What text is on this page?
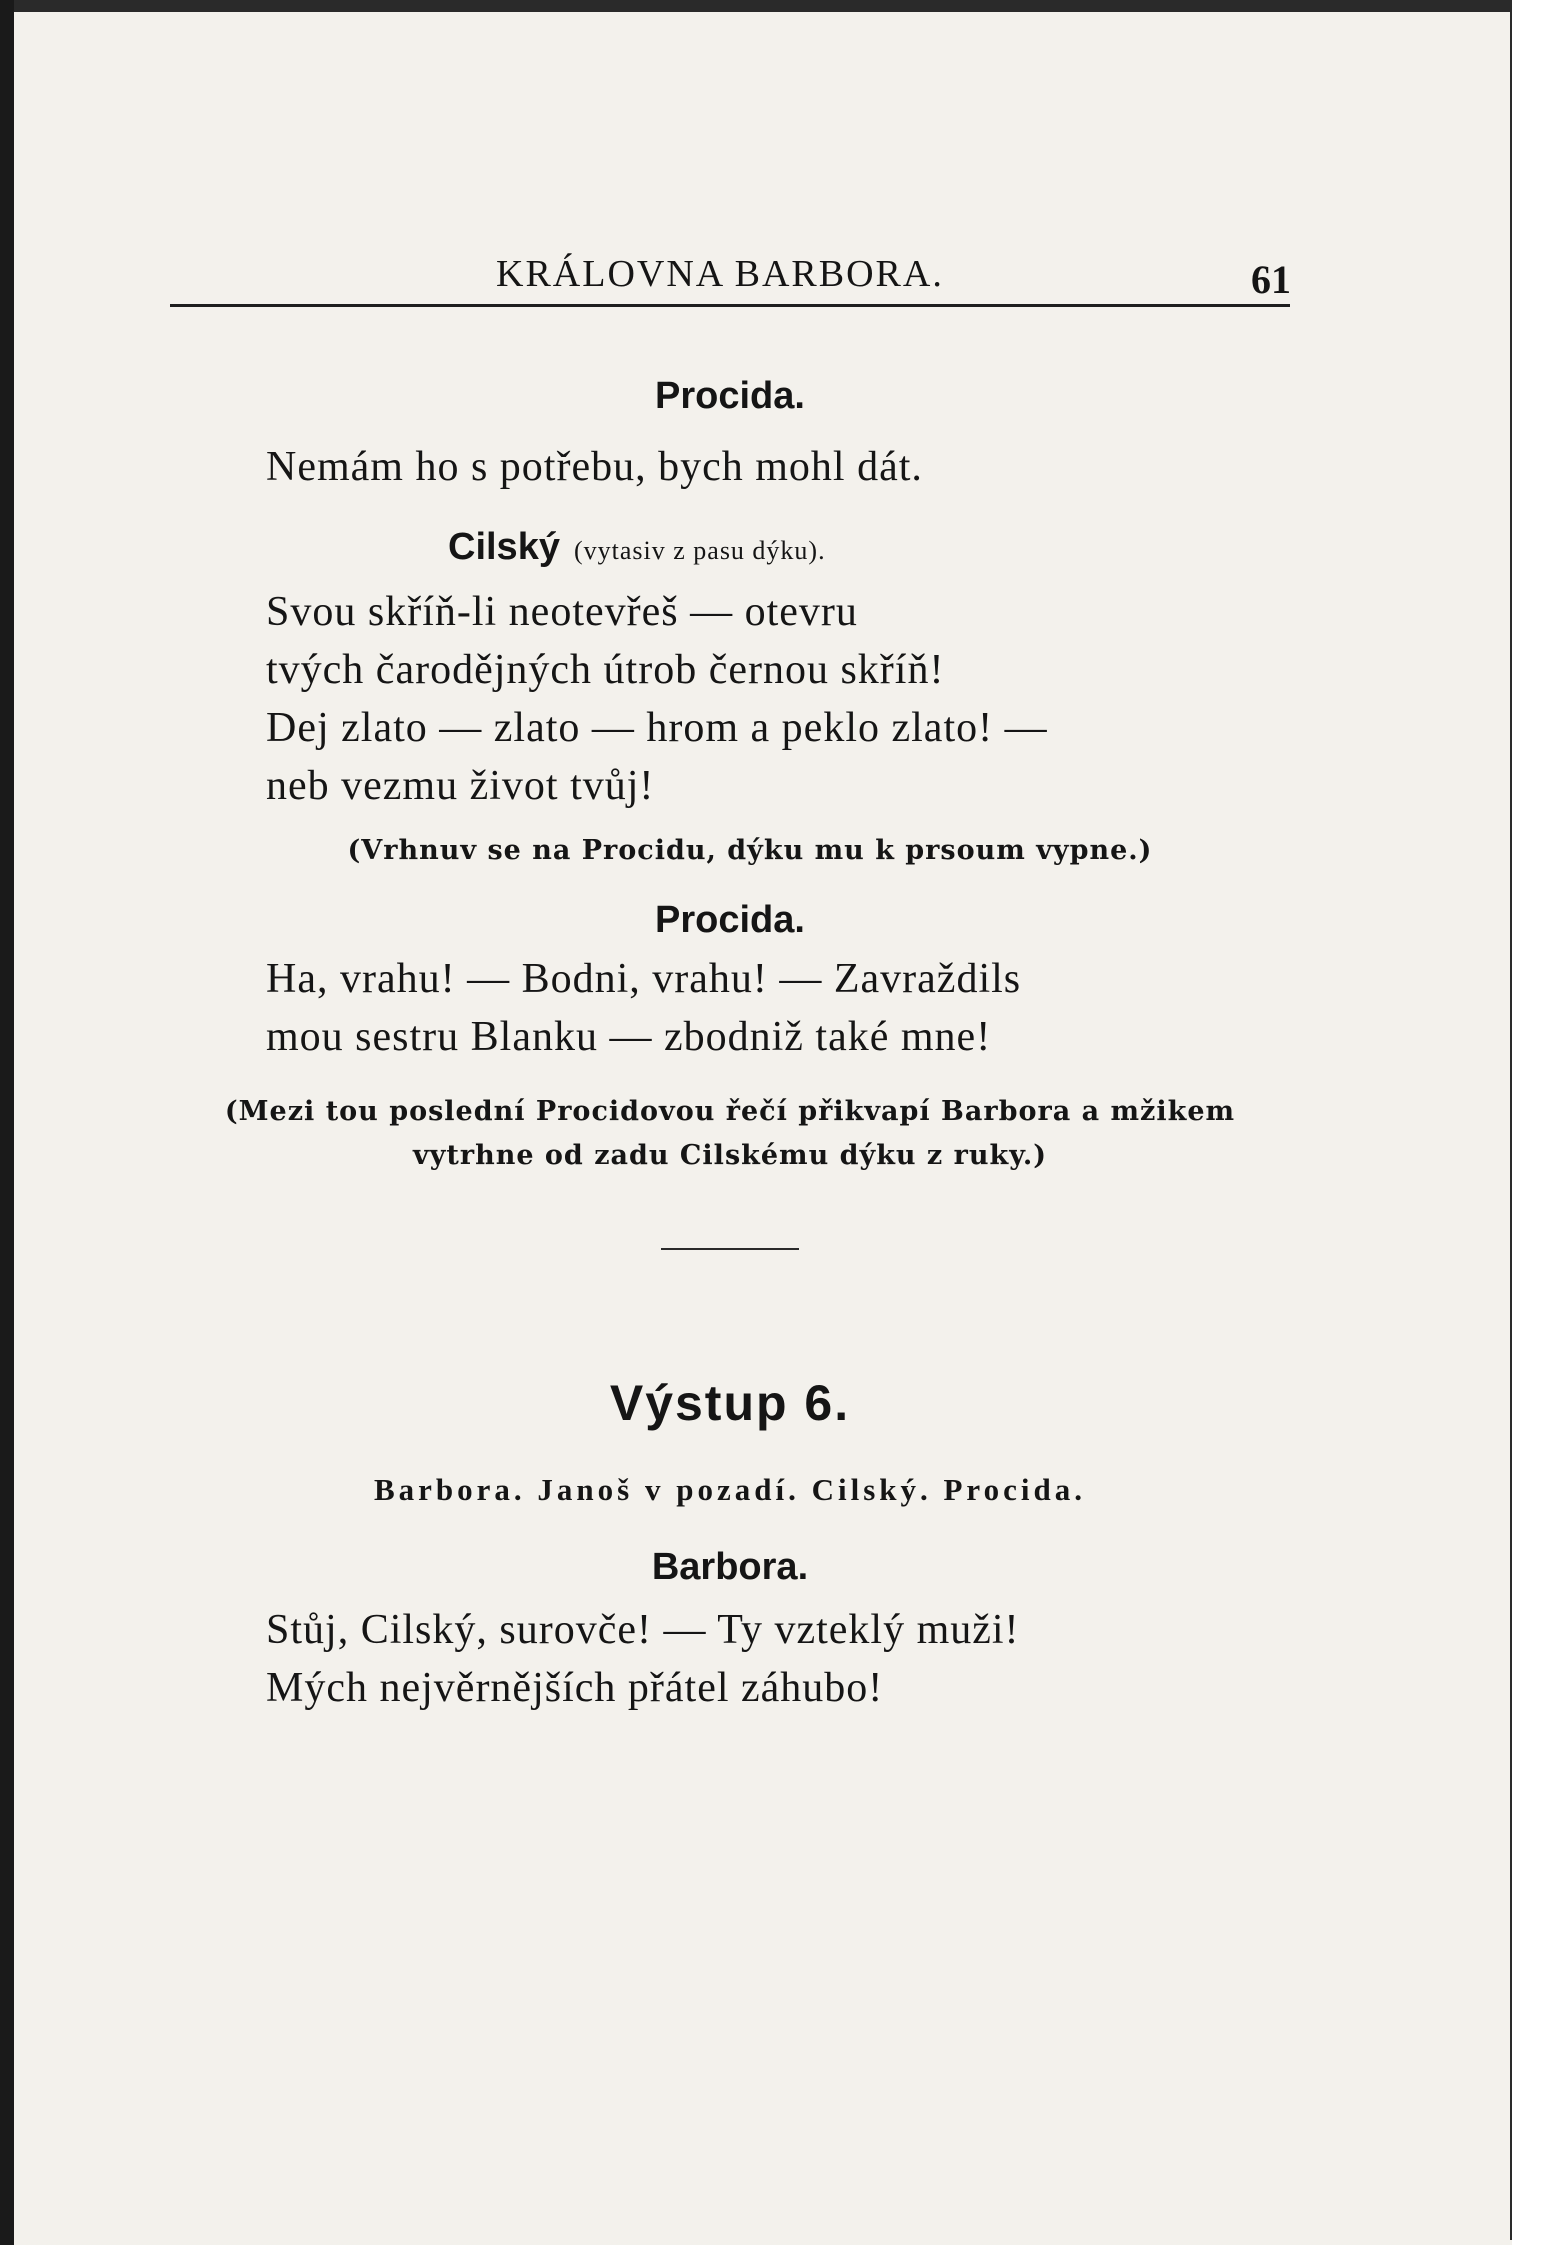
KRÁLOVNA BARBORA.	61

Procida.

Nemám ho s potřebu, bych mohl dát.

Cilský (vytasiv z pasu dýku).

Svou skříň-li neotevřeš — otevru

tvých čarodějných útrob černou skříň!

Dej zlato — zlato — hrom a peklo zlato! —

neb vezmu život tvůj!

(Vrhnuv se na Procidu, dýku mu k prsoum vypne.)

Procida.

Ha, vrahu! — Bodni, vrahu! — Zavraždils

mou sestru Blanku — zbodniž také mne!

(Mezi tou poslední Procidovou řečí přikvapí Barbora a mžikem

vytrhne od zadu Cilskému dýku z ruky.)

Výstup 6.

Barbora. Janoš v pozadí. Cilský. Procida.

Barbora.

Stůj, Cilský, surovče! — Ty vzteklý muži!

Mých nejvěrnějších přátel záhubo!
